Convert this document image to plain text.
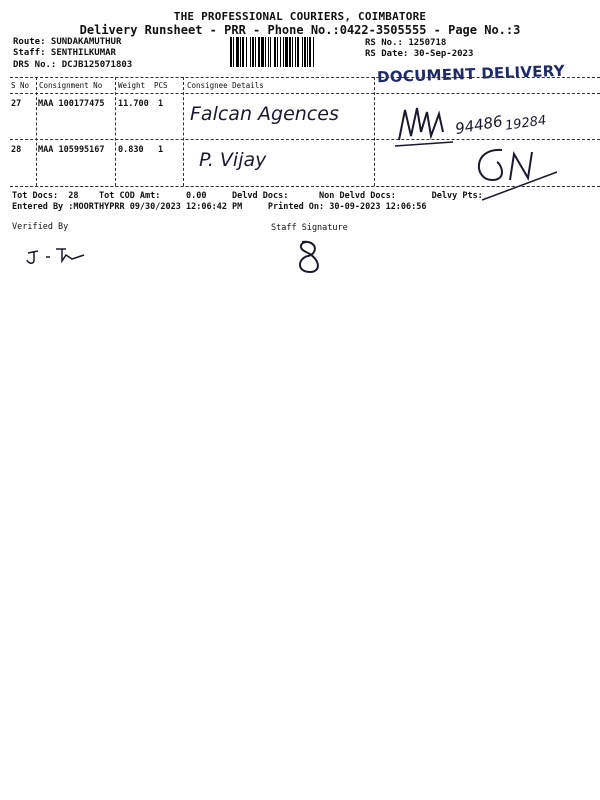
THE PROFESSIONAL COURIERS, COIMBATORE
Delivery Runsheet - PRR - Phone No.:0422-3505555 - Page No.:3
Route: SUNDAKAMUTHUR
Staff: SENTHILKUMAR
DRS No.: DCJB125071803
RS No.: 1250718
RS Date: 30-Sep-2023
DOCUMENT DELIVERY
S No Consignment No Weight PCS	Consignee Details
27 MAA 100177475 11.700 1 Falcan Agences
28 MAA 105995167 0.830 1 P. Vijay
94486 19284
Tot Docs:  28    Tot COD Amt:     0.00     Delvd Docs:      Non Delvd Docs:       Delvy Pts:
Entered By :MOORTHYPRR 09/30/2023 12:06:42 PM     Printed On: 30-09-2023 12:06:56
Verified By	Staff Signature
